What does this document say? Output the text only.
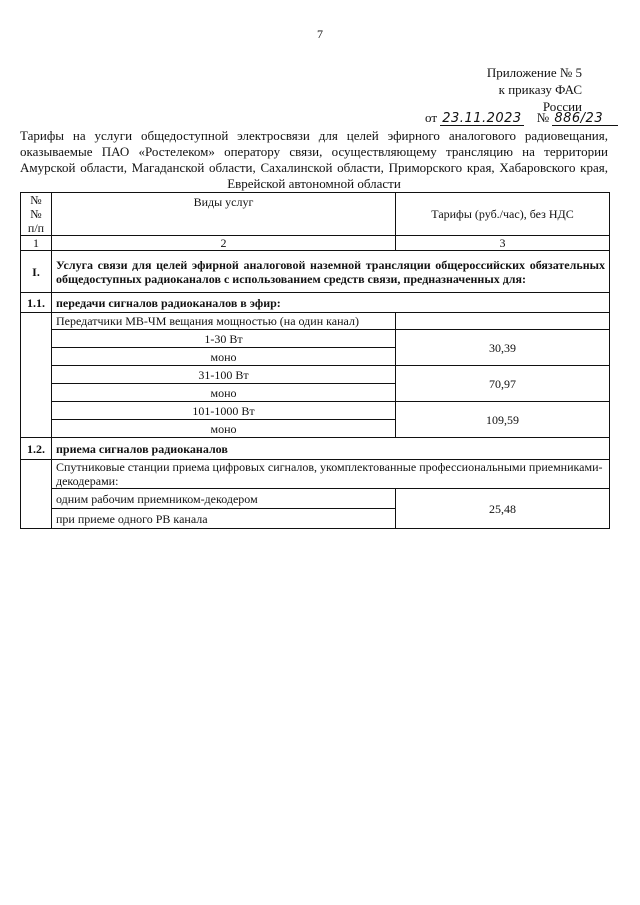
7
Приложение № 5
к приказу ФАС России
от 23.11.2023 № 886/23
Тарифы на услуги общедоступной электросвязи для целей эфирного аналогового радиовещания,
оказываемые ПАО «Ростелеком» оператору связи, осуществляющему трансляцию на территории
Амурской области, Магаданской области, Сахалинской области, Приморского края, Хабаровского края,
Еврейской автономной области
№№ п/п	Виды услуг	Тарифы (руб./час), без НДС
1	2	3
I.	Услуга связи для целей эфирной аналоговой наземной трансляции общероссийских обязательных общедоступных радиоканалов с использованием средств связи, предназначенных для:	
1.1.	передачи сигналов радиоканалов в эфир:	
	Передатчики МВ-ЧМ вещания мощностью (на один канал)	
	1-30 Вт	30,39
	моно	
	31-100 Вт	70,97
	моно	
	101-1000 Вт	109,59
	моно	
1.2.	приема сигналов радиоканалов	
	Спутниковые станции приема цифровых сигналов, укомплектованные профессиональными приемниками-декодерами:	
	одним рабочим приемником-декодером	25,48
	при приеме одного РВ канала	
